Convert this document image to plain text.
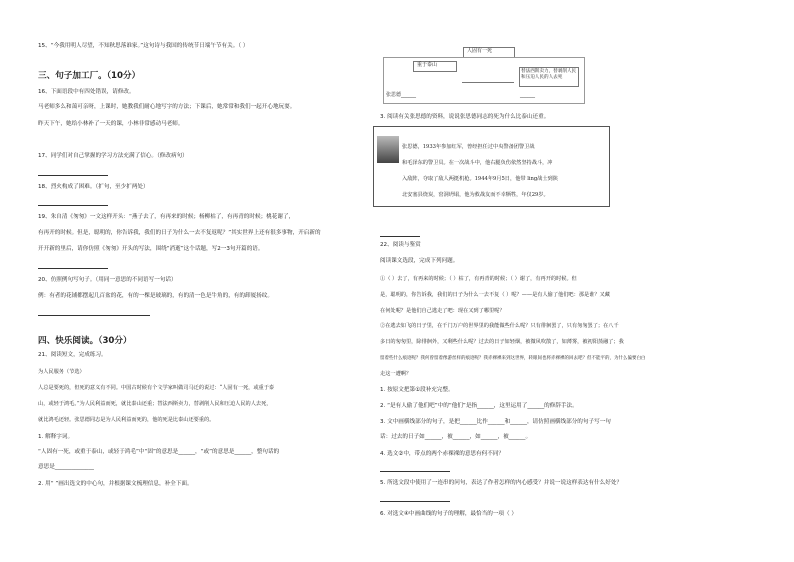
15、“今我用明人尽望，不知秋思落谁家。”这句诗与我国的传统节日端午节有关。（ ）
三、句子加工厂。（10分）
16、下面语段中有四处错误，请修改。
马老师多么和蔼可亲呀，上课时，她教我们耐心地写字的方法；下课后，她常常和我们一起开心地玩耍。
昨天下午，她给小林补了一天的课，小林非常感动马老师。
17、同学们对自己掌握的学习方法充满了信心。（修改病句）
18、烈火构成了困难。（扩句，至少扩两处）
19、朱自清《匆匆》一文这样开头：“燕子去了，有再来的时候；杨柳枯了，有再青的时候；桃花谢了，
有再开的时候。但是，聪明的，你告诉我，我们的日子为什么一去不复返呢？”其实世界上还有很多事物，开启新的
开开新的里后，请你仿照《匆匆》开头的写法，围绕“消逝”这个话题，写2一3句开篇的语。
20、仿照例句写句子。（用同一意思的不同语写一句话）
例：有者的花铺都摆起几百盆的花，有的一棵是玻璃的，有的清一色是牛角的，有的卸厦扬纹。
四、快乐阅读。（30分）
21、阅读短文，完成练习。
为人民服务（节选）
人总是要死的，但死的意义有不同。中国古时候有个文学家叫做司马迁的说过：“人固有一死，或重于泰
山，或轻于鸿毛。”为人民利益而死，就比泰山还重；替法西斯卖力，替剥削人民和压迫人民的人去死，
就比鸿毛还轻。张思德同志是为人民利益而死的，他的死是比泰山还要重的。
1. 解释字词。
“人固有一死，或重于泰山，或轻于鸿毛”中“固”的意思是______，“或”的意思是______，整句话的
意思是______________
2. 用“ ”画出选文的中心句，并根据课文梳理信息，补全下面。
人固有一死
重于泰山
替法西斯卖力，替剥削人民和压迫人民的人去死
张思德______	______
3. 阅读有关张思德的资料，说说张思德同志的死为什么比泰山还重。
张思德，1933年参加红军，曾经担任过中央警备团警卫战
和毛泽东的警卫员。在一次战斗中，他右腿负伤依然坚持战斗，冲
入敌阵，夺取了敌人两挺机枪。1944年9月5日，他带 ling战士到陕
北安塞县烧炭，窑洞坍塌，他为救战友而不幸牺牲，年仅29岁。
22、阅读与鉴赏
阅读课文选段，完成下列问题。
①（ ）去了，有再来的时候；（ ）枯了，有再青的时候；（ ）谢了，有再开的时候。但
是，聪明的，你告诉我，我们的日子为什么一去不复（ ）呢？——是有人偷了他们吧：那是谁？又藏
在何处呢？是他们自己逃走了吧：现在又到了哪里呢？
②在逃去如飞的日子里，在千门万户的世界里的我能做些什么呢？只有徘徊罢了，只有匆匆罢了；在八千
多日的匆匆里，除徘徊外，又剩些什么呢？过去的日子如轻烟，被微风吹散了，如薄雾，被初阳蒸融了；我
留着些什么痕迹呢？我何曾留着像游丝样的痕迹呢？我赤裸裸来到这世界，转眼间也将赤裸裸的回去吧？但不能平的，为什么偏要白白
走这一遭啊？
1. 按原文把第①段补充完整。
2. “是有人偷了他们吧”中的“他们”是指______，这里运用了______的修辞手法。
3. 文中画横线部分的句子，是把______比作______和______，请仿照画横线部分的句子写一句
话：过去的日子如______，被______，如______，被______。
4. 选文②中，带点的两个赤裸裸的意思有何不同？
5. 所选文段中使用了一连串的问句，表达了作者怎样的内心感受？并说一说这样表达有什么好处？
6. 对选文④中画曲线的句子的理解，最恰当的一项（ ）
